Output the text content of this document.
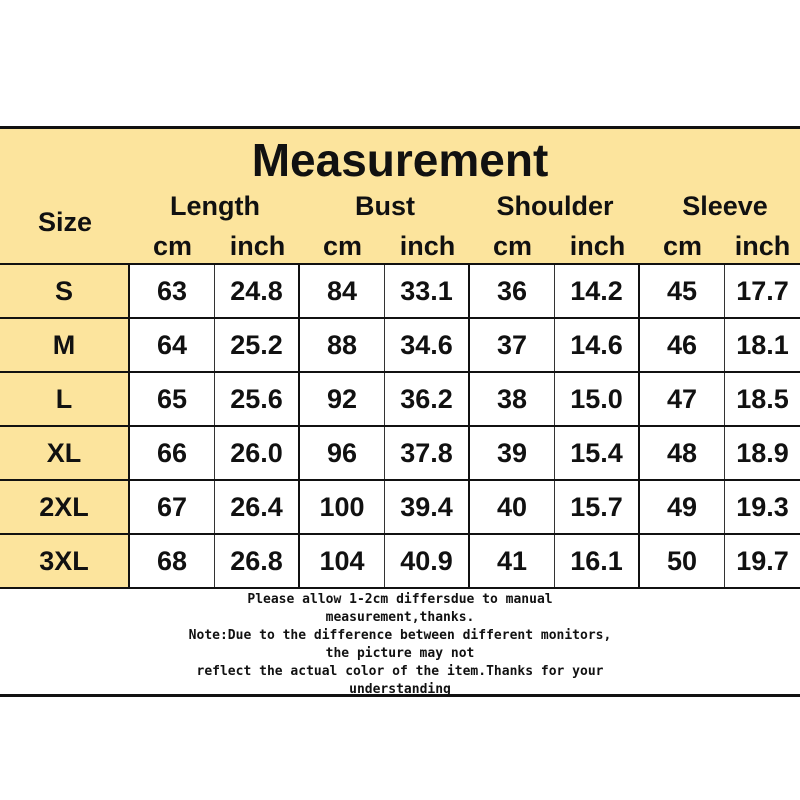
Measurement
Size
Length	Bust	Shoulder	Sleeve
cm	inch	cm	inch	cm	inch	cm	inch
S	63	24.8	84	33.1	36	14.2	45	17.7
M	64	25.2	88	34.6	37	14.6	46	18.1
L	65	25.6	92	36.2	38	15.0	47	18.5
XL	66	26.0	96	37.8	39	15.4	48	18.9
2XL	67	26.4	100	39.4	40	15.7	49	19.3
3XL	68	26.8	104	40.9	41	16.1	50	19.7
Please allow 1-2cm differsdue to manual
measurement,thanks.
Note:Due to the difference between different monitors,
the picture may not
reflect the actual color of the item.Thanks for your
understanding
